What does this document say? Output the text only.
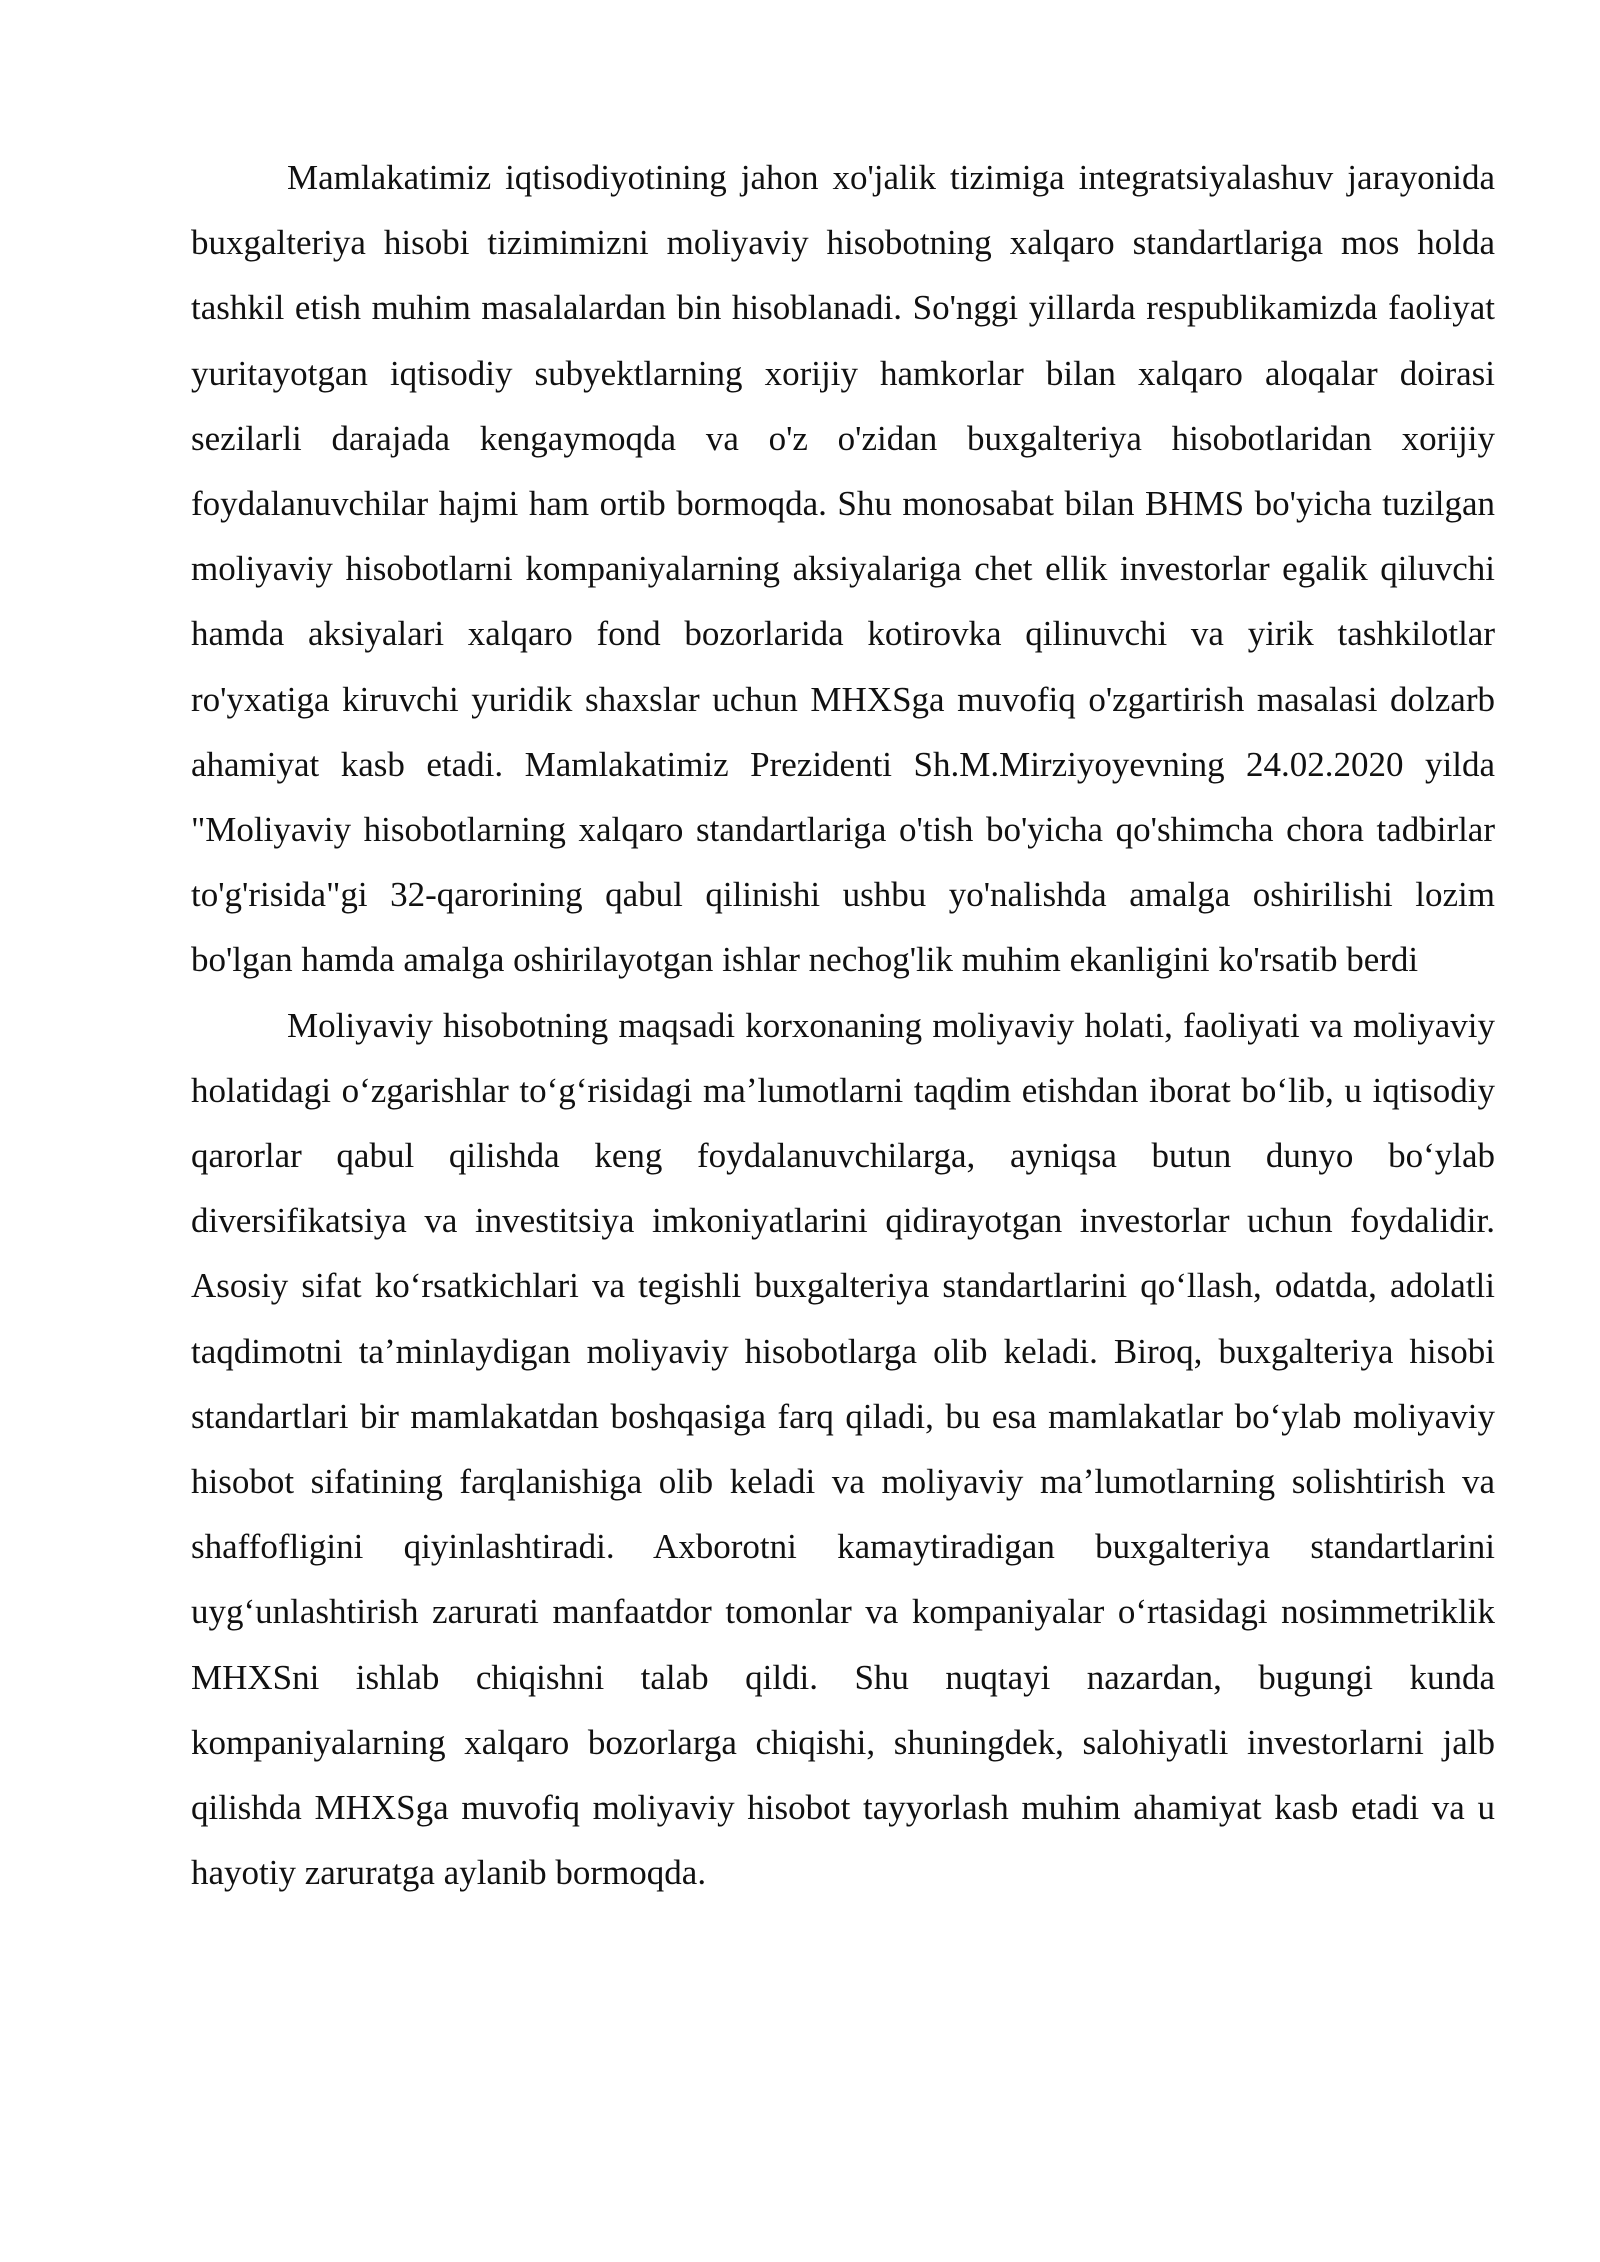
Mamlakatimiz iqtisodiyotining jahon xo'jalik tizimiga integratsiyalashuv jarayonida buxgalteriya hisobi tizimimizni moliyaviy hisobotning xalqaro standartlariga mos holda tashkil etish muhim masalalardan bin hisoblanadi. So'nggi yillarda respublikamizda faoliyat yuritayotgan iqtisodiy subyektlarning xorijiy hamkorlar bilan xalqaro aloqalar doirasi sezilarli darajada kengaymoqda va o'z o'zidan buxgalteriya hisobotlaridan xorijiy foydalanuvchilar hajmi ham ortib bormoqda. Shu monosabat bilan BHMS bo'yicha tuzilgan moliyaviy hisobotlarni kompaniyalarning aksiyalariga chet ellik investorlar egalik qiluvchi hamda aksiyalari xalqaro fond bozorlarida kotirovka qilinuvchi va yirik tashkilotlar ro'yxatiga kiruvchi yuridik shaxslar uchun MHXSga muvofiq o'zgartirish masalasi dolzarb ahamiyat kasb etadi. Mamlakatimiz Prezidenti Sh.M.Mirziyoyevning 24.02.2020 yilda "Moliyaviy hisobotlarning xalqaro standartlariga o'tish bo'yicha qo'shimcha chora tadbirlar to'g'risida"gi 32-qarorining qabul qilinishi ushbu yo'nalishda amalga oshirilishi lozim bo'lgan hamda amalga oshirilayotgan ishlar nechog'lik muhim ekanligini ko'rsatib berdi

Moliyaviy hisobotning maqsadi korxonaning moliyaviy holati, faoliyati va moliyaviy holatidagi oʻzgarishlar toʻgʻrisidagi maʼlumotlarni taqdim etishdan iborat boʻlib, u iqtisodiy qarorlar qabul qilishda keng foydalanuvchilarga, ayniqsa butun dunyo boʻylab diversifikatsiya va investitsiya imkoniyatlarini qidirayotgan investorlar uchun foydalidir. Asosiy sifat koʻrsatkichlari va tegishli buxgalteriya standartlarini qoʻllash, odatda, adolatli taqdimotni taʼminlaydigan moliyaviy hisobotlarga olib keladi. Biroq, buxgalteriya hisobi standartlari bir mamlakatdan boshqasiga farq qiladi, bu esa mamlakatlar boʻylab moliyaviy hisobot sifatining farqlanishiga olib keladi va moliyaviy maʼlumotlarning solishtirish va shaffofligini qiyinlashtiradi. Axborotni kamaytiradigan buxgalteriya standartlarini uygʻunlashtirish zarurati manfaatdor tomonlar va kompaniyalar oʻrtasidagi nosimmetriklik MHXSni ishlab chiqishni talab qildi. Shu nuqtayi nazardan, bugungi kunda kompaniyalarning xalqaro bozorlarga chiqishi, shuningdek, salohiyatli investorlarni jalb qilishda MHXSga muvofiq moliyaviy hisobot tayyorlash muhim ahamiyat kasb etadi va u hayotiy zaruratga aylanib bormoqda.
